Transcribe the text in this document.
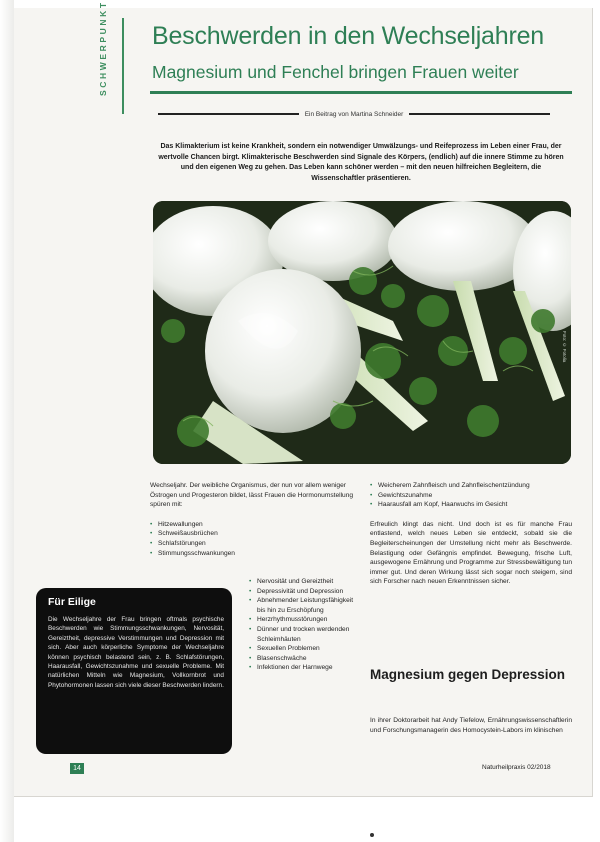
SCHWERPUNKT Beschwerden in den Wechseljahren
Magnesium und Fenchel bringen Frauen weiter
Ein Beitrag von Martina Schneider
Das Klimakterium ist keine Krankheit, sondern ein notwendiger Umwälzungs- und Reifeprozess im Leben einer Frau, der wertvolle Chancen birgt. Klimakterische Beschwerden sind Signale des Körpers, (endlich) auf die innere Stimme zu hören und den eigenen Weg zu gehen. Das Leben kann schöner werden – mit den neuen hilfreichen Begleitern, die Wissenschaftler präsentieren.
Foto: © Fotolia

Wechseljahr. Der weibliche Organismus, der nun vor allem weniger Östrogen und Progesteron bildet, lässt Frauen die Hormonumstellung spüren mit:

• Hitzewallungen
• Schweißausbrüchen
• Schlafstörungen
• Stimmungsschwankungen
• Nervosität und Gereiztheit
• Depressivität und Depression
• Abnehmender Leistungsfähigkeit bis hin zu Erschöpfung
• Herzrhythmusstörungen
• Dünner und trocken werdenden Schleimhäuten
• Sexuellen Problemen
• Blasenschwäche
• Infektionen der Harnwege
• Weicherem Zahnfleisch und Zahnfleischentzündung
• Gewichtszunahme
• Haarausfall am Kopf, Haarwuchs im Gesicht

Erfreulich klingt das nicht. Und doch ist es für manche Frau entlastend, welch neues Leben sie entdeckt, sobald sie die Begleiterscheinungen der Umstellung nicht mehr als Beschwerde. Belastigung oder Gefängnis empfindet. Bewegung, frische Luft, ausgewogene Ernährung und Programme zur Stressbewältigung tun immer gut. Und deren Wirkung lässt sich sogar noch steigern, sind sich Forscher nach neuen Erkenntnissen sicher.

Magnesium gegen Depression
In ihrer Doktorarbeit hat Andy Tiefelow, Ernährungswissenschaftlerin und Forschungsmanagerin des Homocystein-Labors im klinischen
Für Eilige
Die Wechseljahre der Frau bringen oftmals psychische Beschwerden wie Stimmungsschwankungen, Nervosität, Gereiztheit, depressive Verstimmungen und Depression mit sich. Aber auch körperliche Symptome der Wechseljahre können psychisch belastend sein, z. B. Schlafstörungen, Haarausfall, Gewichtszunahme und sexuelle Probleme. Mit natürlichen Mitteln wie Magnesium, Vollkornbrot und Phytohormonen lassen sich viele dieser Beschwerden lindern.
14	Naturheilpraxis 02/2018
